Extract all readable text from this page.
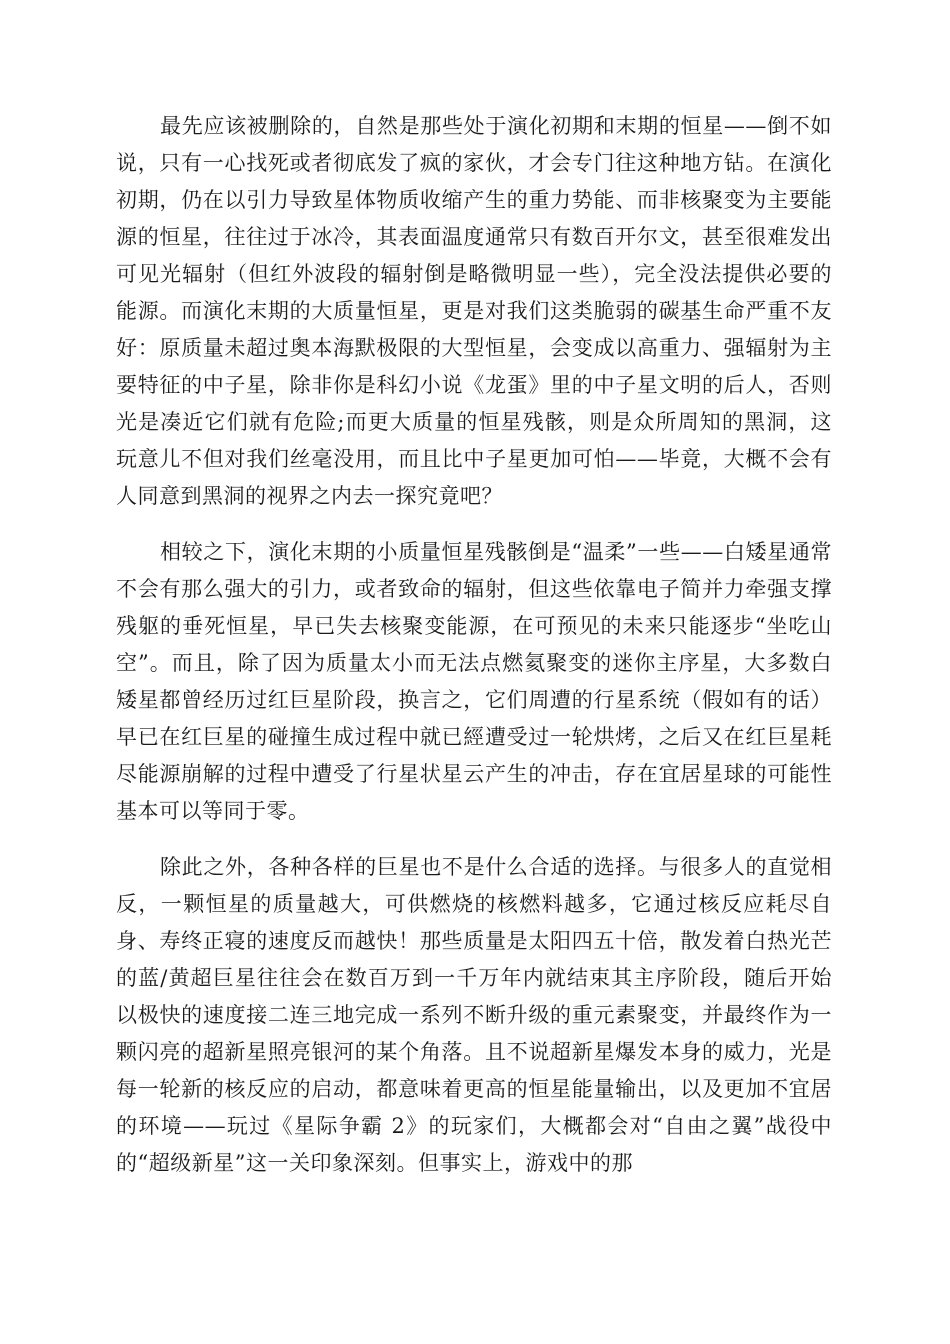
最先应该被删除的，自然是那些处于演化初期和末期的恒星——倒不如说，只有一心找死或者彻底发了疯的家伙，才会专门往这种地方钻。在演化初期，仍在以引力导致星体物质收缩产生的重力势能、而非核聚变为主要能源的恒星，往往过于冰冷，其表面温度通常只有数百开尔文，甚至很难发出可见光辐射（但红外波段的辐射倒是略微明显一些），完全没法提供必要的能源。而演化末期的大质量恒星，更是对我们这类脆弱的碳基生命严重不友好：原质量未超过奥本海默极限的大型恒星，会变成以高重力、强辐射为主要特征的中子星，除非你是科幻小说《龙蛋》里的中子星文明的后人，否则光是凑近它们就有危险;而更大质量的恒星残骸，则是众所周知的黑洞，这玩意儿不但对我们丝毫没用，而且比中子星更加可怕——毕竟，大概不会有人同意到黑洞的视界之内去一探究竟吧？

相较之下，演化末期的小质量恒星残骸倒是“温柔”一些——白矮星通常不会有那么强大的引力，或者致命的辐射，但这些依靠电子简并力牵强支撑残躯的垂死恒星，早已失去核聚变能源，在可预见的未来只能逐步“坐吃山空”。而且，除了因为质量太小而无法点燃氦聚变的迷你主序星，大多数白矮星都曾经历过红巨星阶段，换言之，它们周遭的行星系统（假如有的话）早已在红巨星的碰撞生成过程中就已經遭受过一轮烘烤，之后又在红巨星耗尽能源崩解的过程中遭受了行星状星云产生的冲击，存在宜居星球的可能性基本可以等同于零。

除此之外，各种各样的巨星也不是什么合适的选择。与很多人的直觉相反，一颗恒星的质量越大，可供燃烧的核燃料越多，它通过核反应耗尽自身、寿终正寝的速度反而越快！那些质量是太阳四五十倍，散发着白热光芒的蓝/黄超巨星往往会在数百万到一千万年内就结束其主序阶段，随后开始以极快的速度接二连三地完成一系列不断升级的重元素聚变，并最终作为一颗闪亮的超新星照亮银河的某个角落。且不说超新星爆发本身的威力，光是每一轮新的核反应的启动，都意味着更高的恒星能量输出，以及更加不宜居的环境——玩过《星际争霸 2》的玩家们，大概都会对“自由之翼”战役中的“超级新星”这一关印象深刻。但事实上，游戏中的那
